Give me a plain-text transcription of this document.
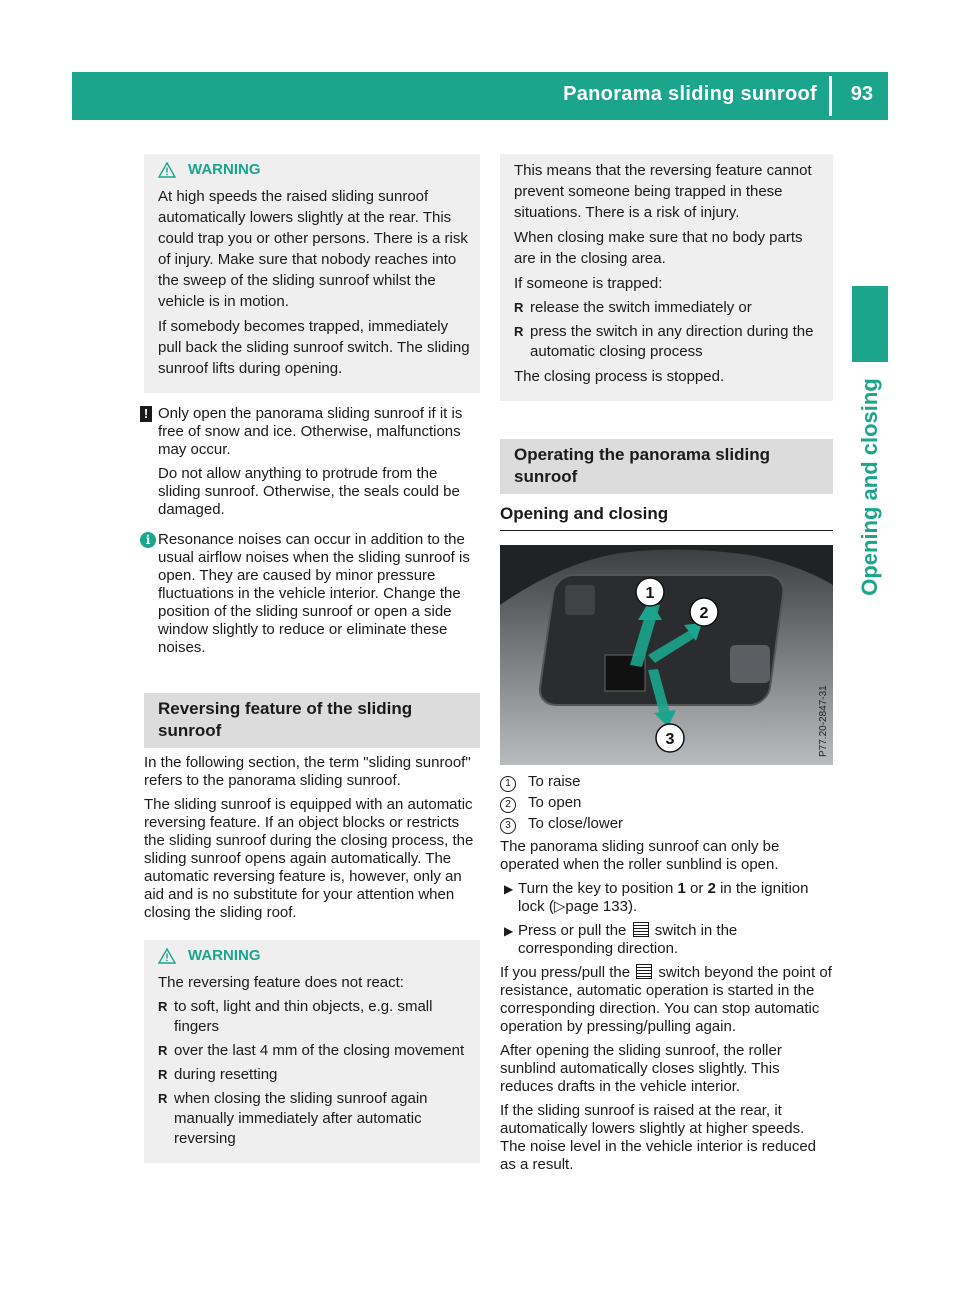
Panorama sliding sunroof 93
Opening and closing
WARNING

At high speeds the raised sliding sunroof automatically lowers slightly at the rear. This could trap you or other persons. There is a risk of injury. Make sure that nobody reaches into the sweep of the sliding sunroof whilst the vehicle is in motion.

If somebody becomes trapped, immediately pull back the sliding sunroof switch. The sliding sunroof lifts during opening.

! Only open the panorama sliding sunroof if it is free of snow and ice. Otherwise, malfunctions may occur.

Do not allow anything to protrude from the sliding sunroof. Otherwise, the seals could be damaged.

i Resonance noises can occur in addition to the usual airflow noises when the sliding sunroof is open. They are caused by minor pressure fluctuations in the vehicle interior. Change the position of the sliding sunroof or open a side window slightly to reduce or eliminate these noises.

Reversing feature of the sliding sunroof

In the following section, the term "sliding sunroof" refers to the panorama sliding sunroof.

The sliding sunroof is equipped with an automatic reversing feature. If an object blocks or restricts the sliding sunroof during the closing process, the sliding sunroof opens again automatically. The automatic reversing feature is, however, only an aid and is no substitute for your attention when closing the sliding roof.

WARNING

The reversing feature does not react:

R to soft, light and thin objects, e.g. small fingers
R over the last 4 mm of the closing movement
R during resetting
R when closing the sliding sunroof again manually immediately after automatic reversing

This means that the reversing feature cannot prevent someone being trapped in these situations. There is a risk of injury.

When closing make sure that no body parts are in the closing area.

If someone is trapped:

R release the switch immediately or
R press the switch in any direction during the automatic closing process

The closing process is stopped.

Operating the panorama sliding sunroof
Opening and closing
1
2
3	P77.20-2847-31
1	To raise
2	To open
3	To close/lower

The panorama sliding sunroof can only be operated when the roller sunblind is open.

▶ Turn the key to position 1 or 2 in the ignition lock (▷page 133).
▶ Press or pull the  switch in the corresponding direction.

If you press/pull the  switch beyond the point of resistance, automatic operation is started in the corresponding direction. You can stop automatic operation by pressing/pulling again.

After opening the sliding sunroof, the roller sunblind automatically closes slightly. This reduces drafts in the vehicle interior.

If the sliding sunroof is raised at the rear, it automatically lowers slightly at higher speeds. The noise level in the vehicle interior is reduced as a result.
